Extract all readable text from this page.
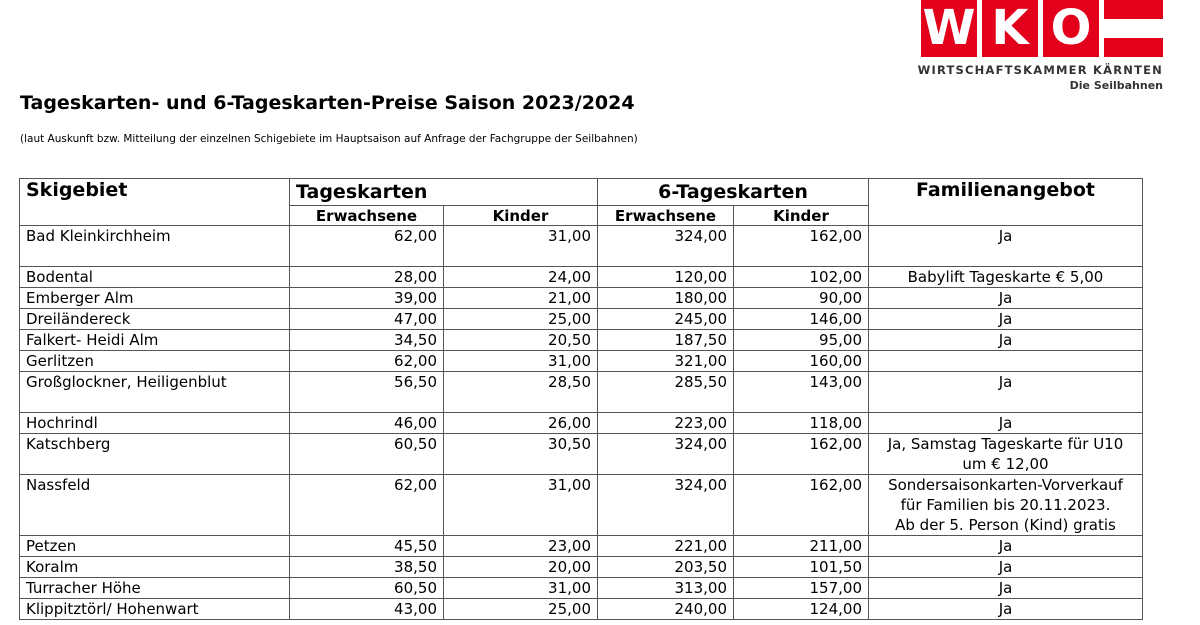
W K O
WIRTSCHAFTSKAMMER KÄRNTEN
Die Seilbahnen
Tageskarten- und 6-Tageskarten-Preise Saison 2023/2024

(laut Auskunft bzw. Mitteilung der einzelnen Schigebiete im Hauptsaison auf Anfrage der Fachgruppe der Seilbahnen)

Skigebiet	Tageskarten		6-Tageskarten		Familienangebot
	Erwachsene	Kinder	Erwachsene	Kinder	
Bad Kleinkirchheim	62,00	31,00	324,00	162,00	Ja

Bodental	28,00	24,00	120,00	102,00	Babylift Tageskarte € 5,00

Emberger Alm	39,00	21,00	180,00	90,00	Ja

Dreiländereck	47,00	25,00	245,00	146,00	Ja

Falkert- Heidi Alm	34,50	20,50	187,50	95,00	Ja

Gerlitzen	62,00	31,00	321,00	160,00	

Großglockner, Heiligenblut	56,50	28,50	285,50	143,00	Ja

Hochrindl	46,00	26,00	223,00	118,00	Ja

Katschberg	60,50	30,50	324,00	162,00	Ja, Samstag Tageskarte für U10
um € 12,00

Nassfeld	62,00	31,00	324,00	162,00	Sondersaisonkarten-Vorverkauf
für Familien bis 20.11.2023.
Ab der 5. Person (Kind) gratis

Petzen	45,50	23,00	221,00	211,00	Ja

Koralm	38,50	20,00	203,50	101,50	Ja

Turracher Höhe	60,50	31,00	313,00	157,00	Ja

Klippitztörl/ Hohenwart	43,00	25,00	240,00	124,00	Ja
